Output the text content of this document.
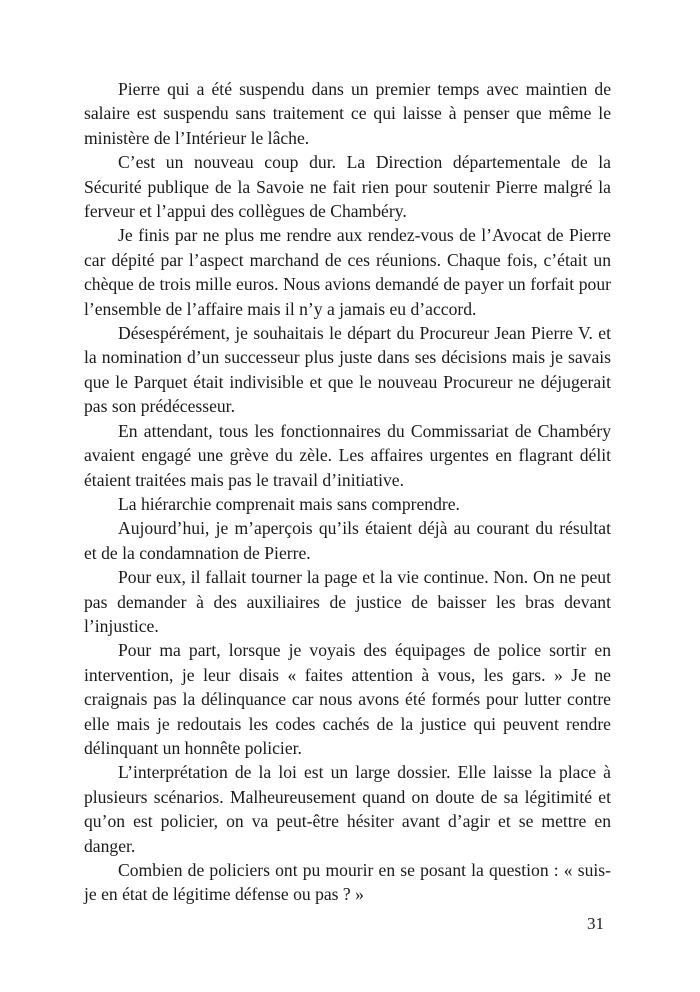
Pierre qui a été suspendu dans un premier temps avec maintien de salaire est suspendu sans traitement ce qui laisse à penser que même le ministère de l’Intérieur le lâche.

C’est un nouveau coup dur. La Direction départementale de la Sécurité publique de la Savoie ne fait rien pour soutenir Pierre malgré la ferveur et l’appui des collègues de Chambéry.

Je finis par ne plus me rendre aux rendez-vous de l’Avocat de Pierre car dépité par l’aspect marchand de ces réunions. Chaque fois, c’était un chèque de trois mille euros. Nous avions demandé de payer un forfait pour l’ensemble de l’affaire mais il n’y a jamais eu d’accord.

Désespérément, je souhaitais le départ du Procureur Jean Pierre V. et la nomination d’un successeur plus juste dans ses décisions mais je savais que le Parquet était indivisible et que le nouveau Procureur ne déjugerait pas son prédécesseur.

En attendant, tous les fonctionnaires du Commissariat de Chambéry avaient engagé une grève du zèle. Les affaires urgentes en flagrant délit étaient traitées mais pas le travail d’initiative.

La hiérarchie comprenait mais sans comprendre.

Aujourd’hui, je m’aperçois qu’ils étaient déjà au courant du résultat et de la condamnation de Pierre.

Pour eux, il fallait tourner la page et la vie continue. Non. On ne peut pas demander à des auxiliaires de justice de baisser les bras devant l’injustice.

Pour ma part, lorsque je voyais des équipages de police sortir en intervention, je leur disais « faites attention à vous, les gars. » Je ne craignais pas la délinquance car nous avons été formés pour lutter contre elle mais je redoutais les codes cachés de la justice qui peuvent rendre délinquant un honnête policier.

L’interprétation de la loi est un large dossier. Elle laisse la place à plusieurs scénarios. Malheureusement quand on doute de sa légitimité et qu’on est policier, on va peut-être hésiter avant d’agir et se mettre en danger.

Combien de policiers ont pu mourir en se posant la question : « suis-je en état de légitime défense ou pas ? »

31
